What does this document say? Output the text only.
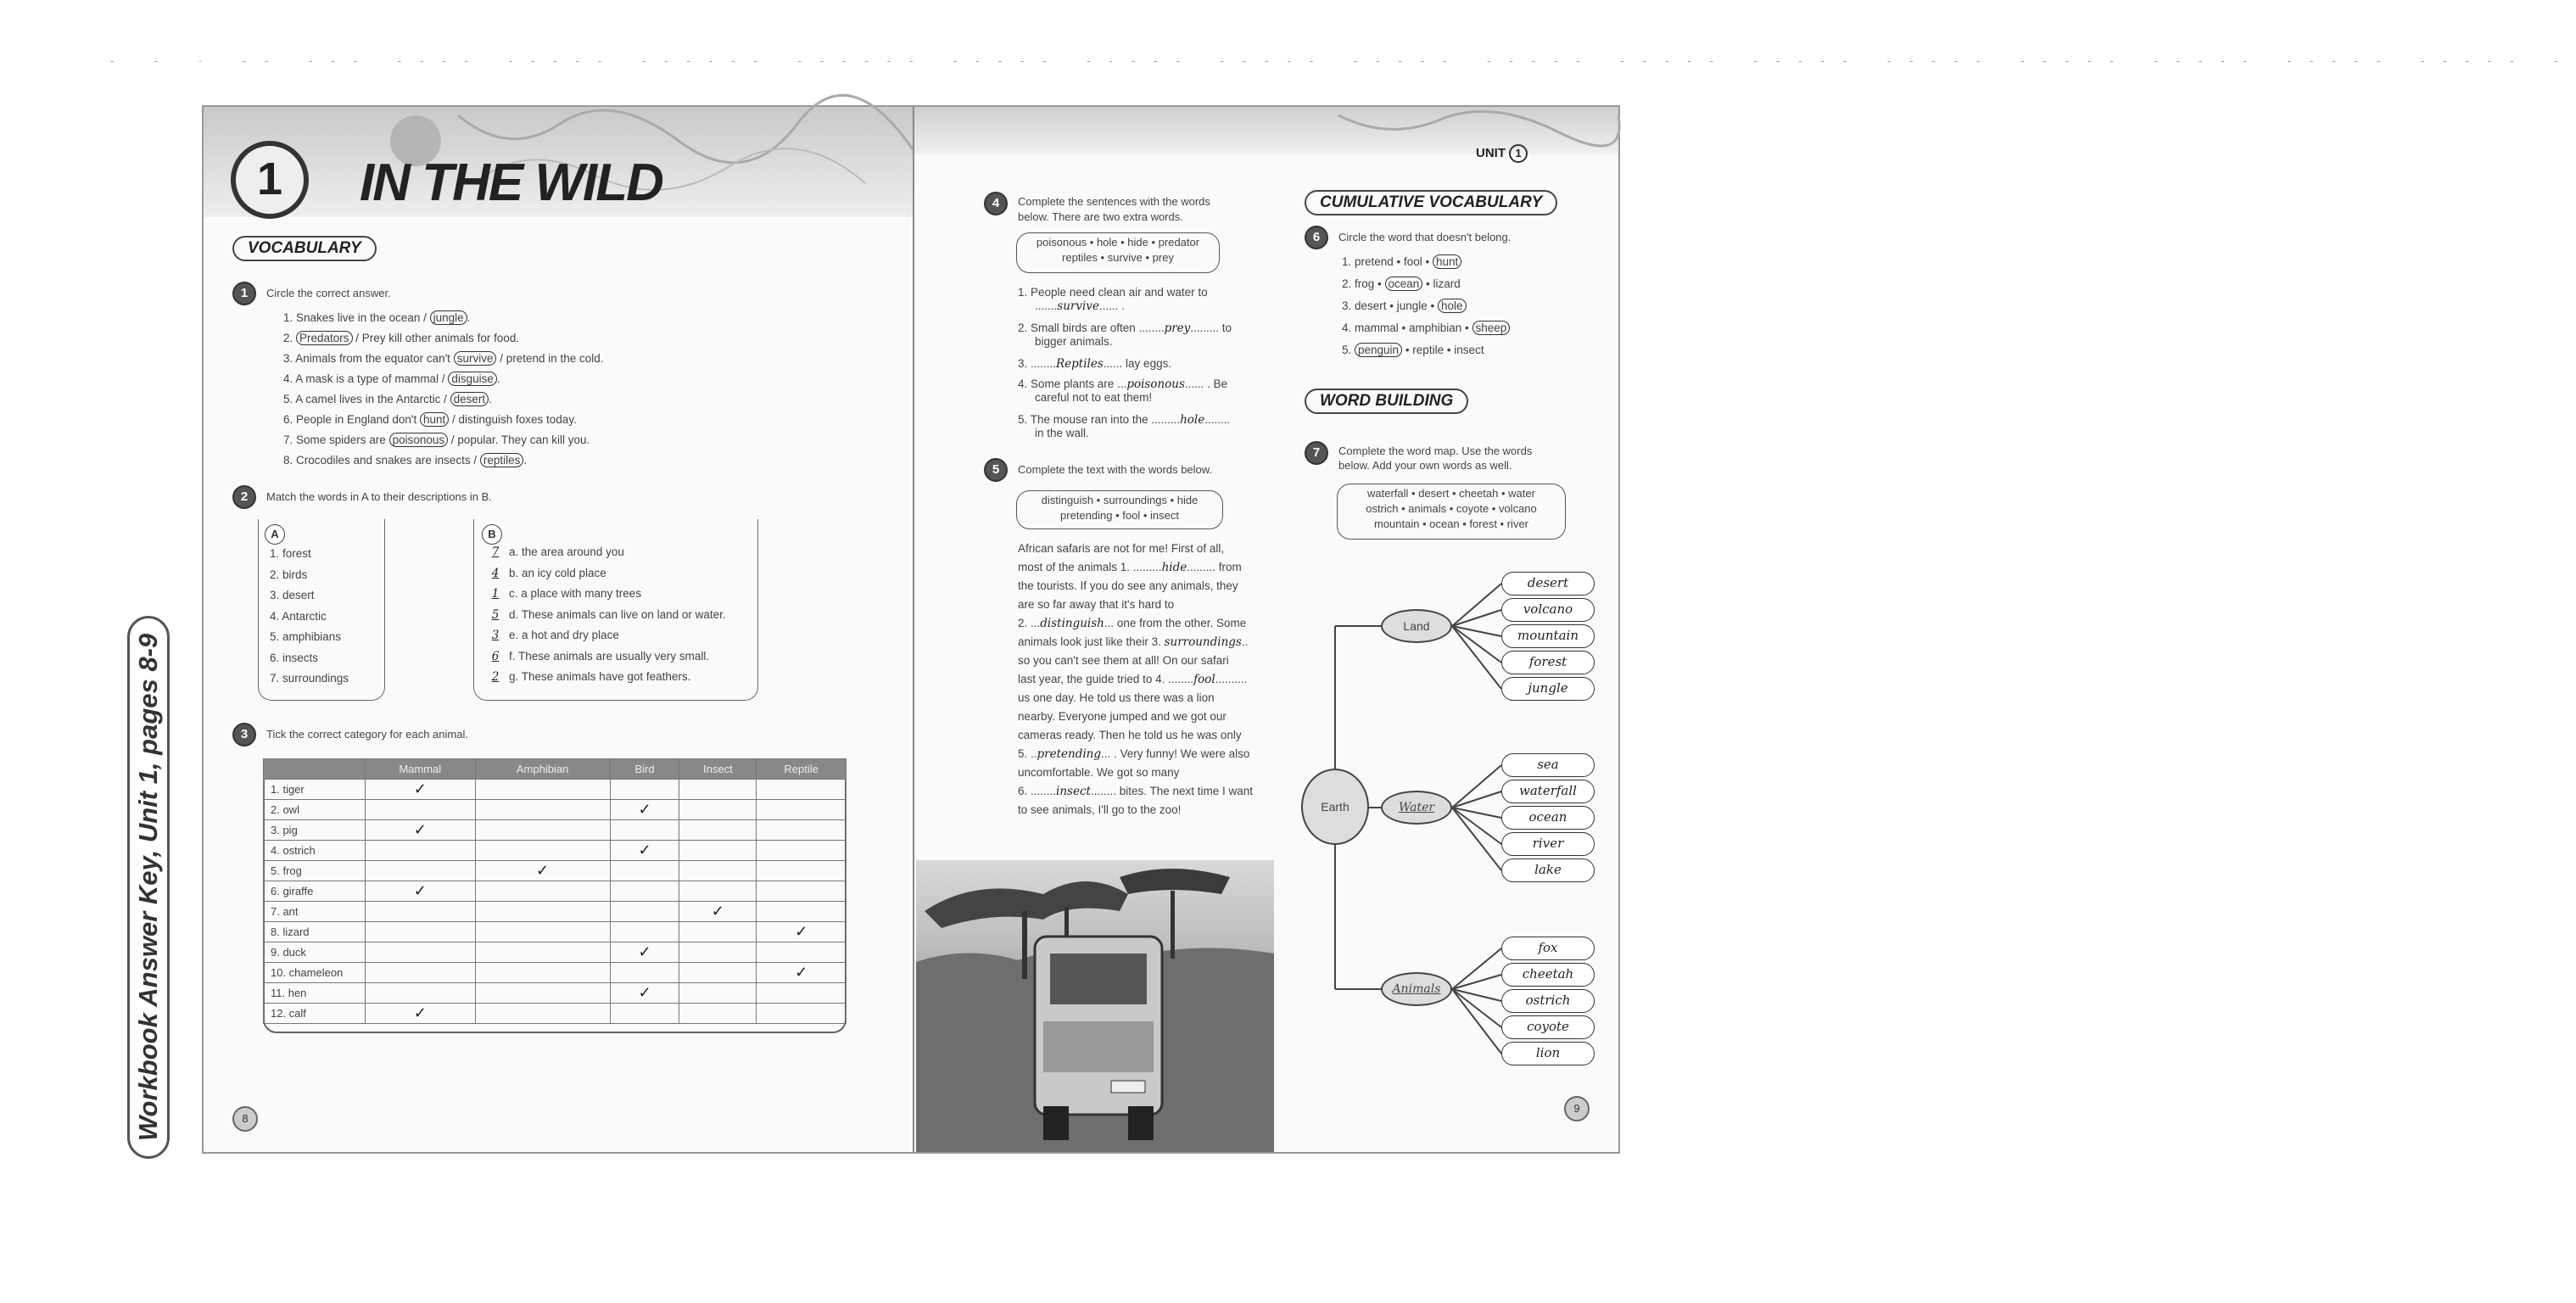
- - · -- --- ---- ----- ------ ------ ----- ----- ----- ----- ----- ----- ----- ----- ----- ----- ----- ----- -
Workbook Answer Key, Unit 1, pages 8-9
IN THE WILD
1
UNIT 1
VOCABULARY
1	Circle the correct answer.
1. Snakes live in the ocean / jungle .
2. Predators / Prey kill other animals for food.
3. Animals from the equator can't survive / pretend in the cold.
4. A mask is a type of mammal / disguise .
5. A camel lives in the Antarctic / desert .
6. People in England don't hunt / distinguish foxes today.
7. Some spiders are poisonous / popular. They can kill you.
8. Crocodiles and snakes are insects / reptiles .
2	Match the words in A to their descriptions in B.
A	B
1. forest
2. birds
3. desert
4. Antarctic
5. amphibians
6. insects
7. surroundings
7 a. the area around you
4 b. an icy cold place
1 c. a place with many trees
5 d. These animals can live on land or water.
3 e. a hot and dry place
6 f. These animals are usually very small.
2 g. These animals have got feathers.
3	Tick the correct category for each animal.
	Mammal	Amphibian	Bird	Insect	Reptile
1. tiger	✓				
2. owl			✓		
3. pig	✓				
4. ostrich			✓		
5. frog		✓			
6. giraffe	✓				
7. ant				✓	
8. lizard					✓
9. duck			✓		
10. chameleon					✓
11. hen			✓		
12. calf	✓				
8
4	Complete the sentences with the words
below. There are two extra words.
poisonous • hole • hide • predator
reptiles • survive • prey
1. People need clean air and water to
.......survive...... .
2. Small birds are often ........prey......... to
bigger animals.
3. ........Reptiles...... lay eggs.
4. Some plants are ...poisonous...... . Be
careful not to eat them!
5. The mouse ran into the .........hole........
in the wall.
5	Complete the text with the words below.
distinguish • surroundings • hide
pretending • fool • insect
African safaris are not for me! First of all,
most of the animals 1. .........hide......... from
the tourists. If you do see any animals, they
are so far away that it's hard to
2. ...distinguish... one from the other. Some
animals look just like their 3. surroundings..
so you can't see them at all! On our safari
last year, the guide tried to 4. ........fool..........
us one day. He told us there was a lion
nearby. Everyone jumped and we got our
cameras ready. Then he told us he was only
5. ..pretending... . Very funny! We were also
uncomfortable. We got so many
6. ........insect........ bites. The next time I want
to see animals, I'll go to the zoo!
CUMULATIVE VOCABULARY
6	Circle the word that doesn't belong.
1. pretend • fool • hunt
2. frog • ocean • lizard
3. desert • jungle • hole
4. mammal • amphibian • sheep
5. penguin • reptile • insect
WORD BUILDING
7	Complete the word map. Use the words
below. Add your own words as well.
waterfall • desert • cheetah • water
ostrich • animals • coyote • volcano
mountain • ocean • forest • river
Earth
Land
Water
Animals
desert
volcano
mountain
forest
jungle
sea
waterfall
ocean
river
lake
fox
cheetah
ostrich
coyote
lion
9
